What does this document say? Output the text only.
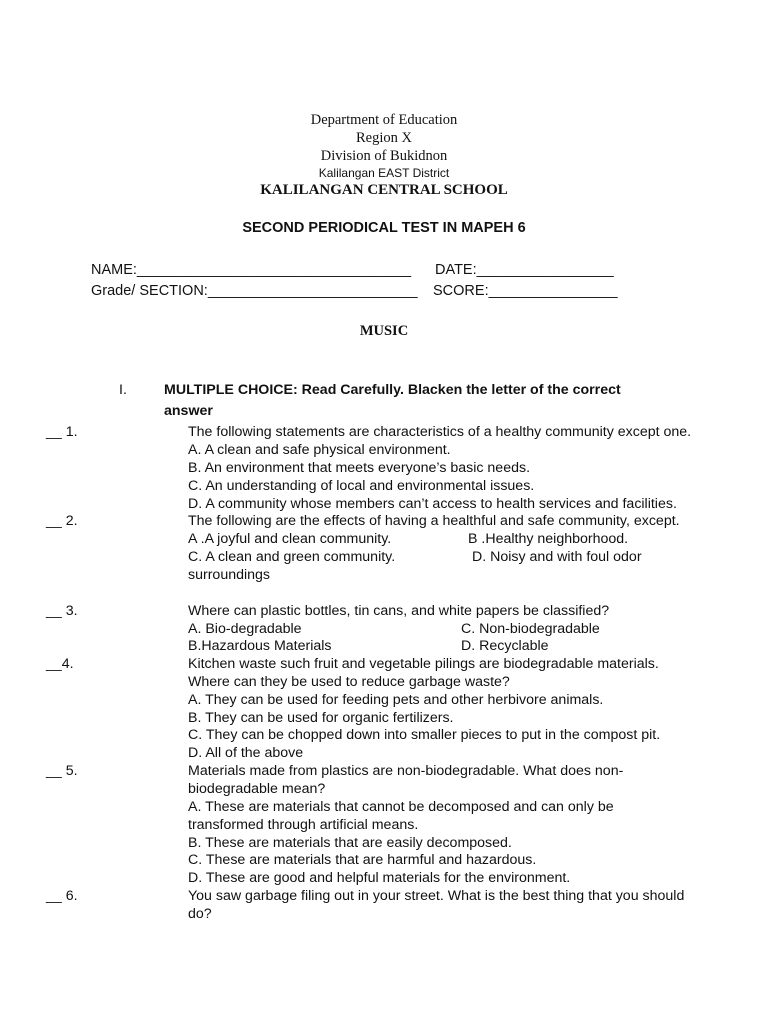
Department of Education
Region X
Division of Bukidnon
Kalilangan EAST District
KALILANGAN CENTRAL SCHOOL
SECOND PERIODICAL TEST IN MAPEH 6
NAME:__________________________________ DATE:_________________
Grade/ SECTION:__________________________ SCORE:________________
MUSIC
I.	MULTIPLE CHOICE: Read Carefully. Blacken the letter of the correct
answer
__ 1.	The following statements are characteristics of a healthy community except one.
A. A clean and safe physical environment.
B. An environment that meets everyone’s basic needs.
C. An understanding of local and environmental issues.
D. A community whose members can’t access to health services and facilities.
__ 2.	The following are the effects of having a healthful and safe community, except.
A .A joyful and clean community.	B .Healthy neighborhood.
C. A clean and green community.	D. Noisy and with foul odor
surroundings
__ 3.	Where can plastic bottles, tin cans, and white papers be classified?
A. Bio-degradable	C. Non-biodegradable
B.Hazardous Materials	D. Recyclable
__4.	Kitchen waste such fruit and vegetable pilings are biodegradable materials.
Where can they be used to reduce garbage waste?
A. They can be used for feeding pets and other herbivore animals.
B. They can be used for organic fertilizers.
C. They can be chopped down into smaller pieces to put in the compost pit.
D. All of the above
__ 5.	Materials made from plastics are non-biodegradable. What does non-
biodegradable mean?
A. These are materials that cannot be decomposed and can only be
transformed through artificial means.
B. These are materials that are easily decomposed.
C. These are materials that are harmful and hazardous.
D. These are good and helpful materials for the environment.
__ 6.	You saw garbage filing out in your street. What is the best thing that you should
do?
